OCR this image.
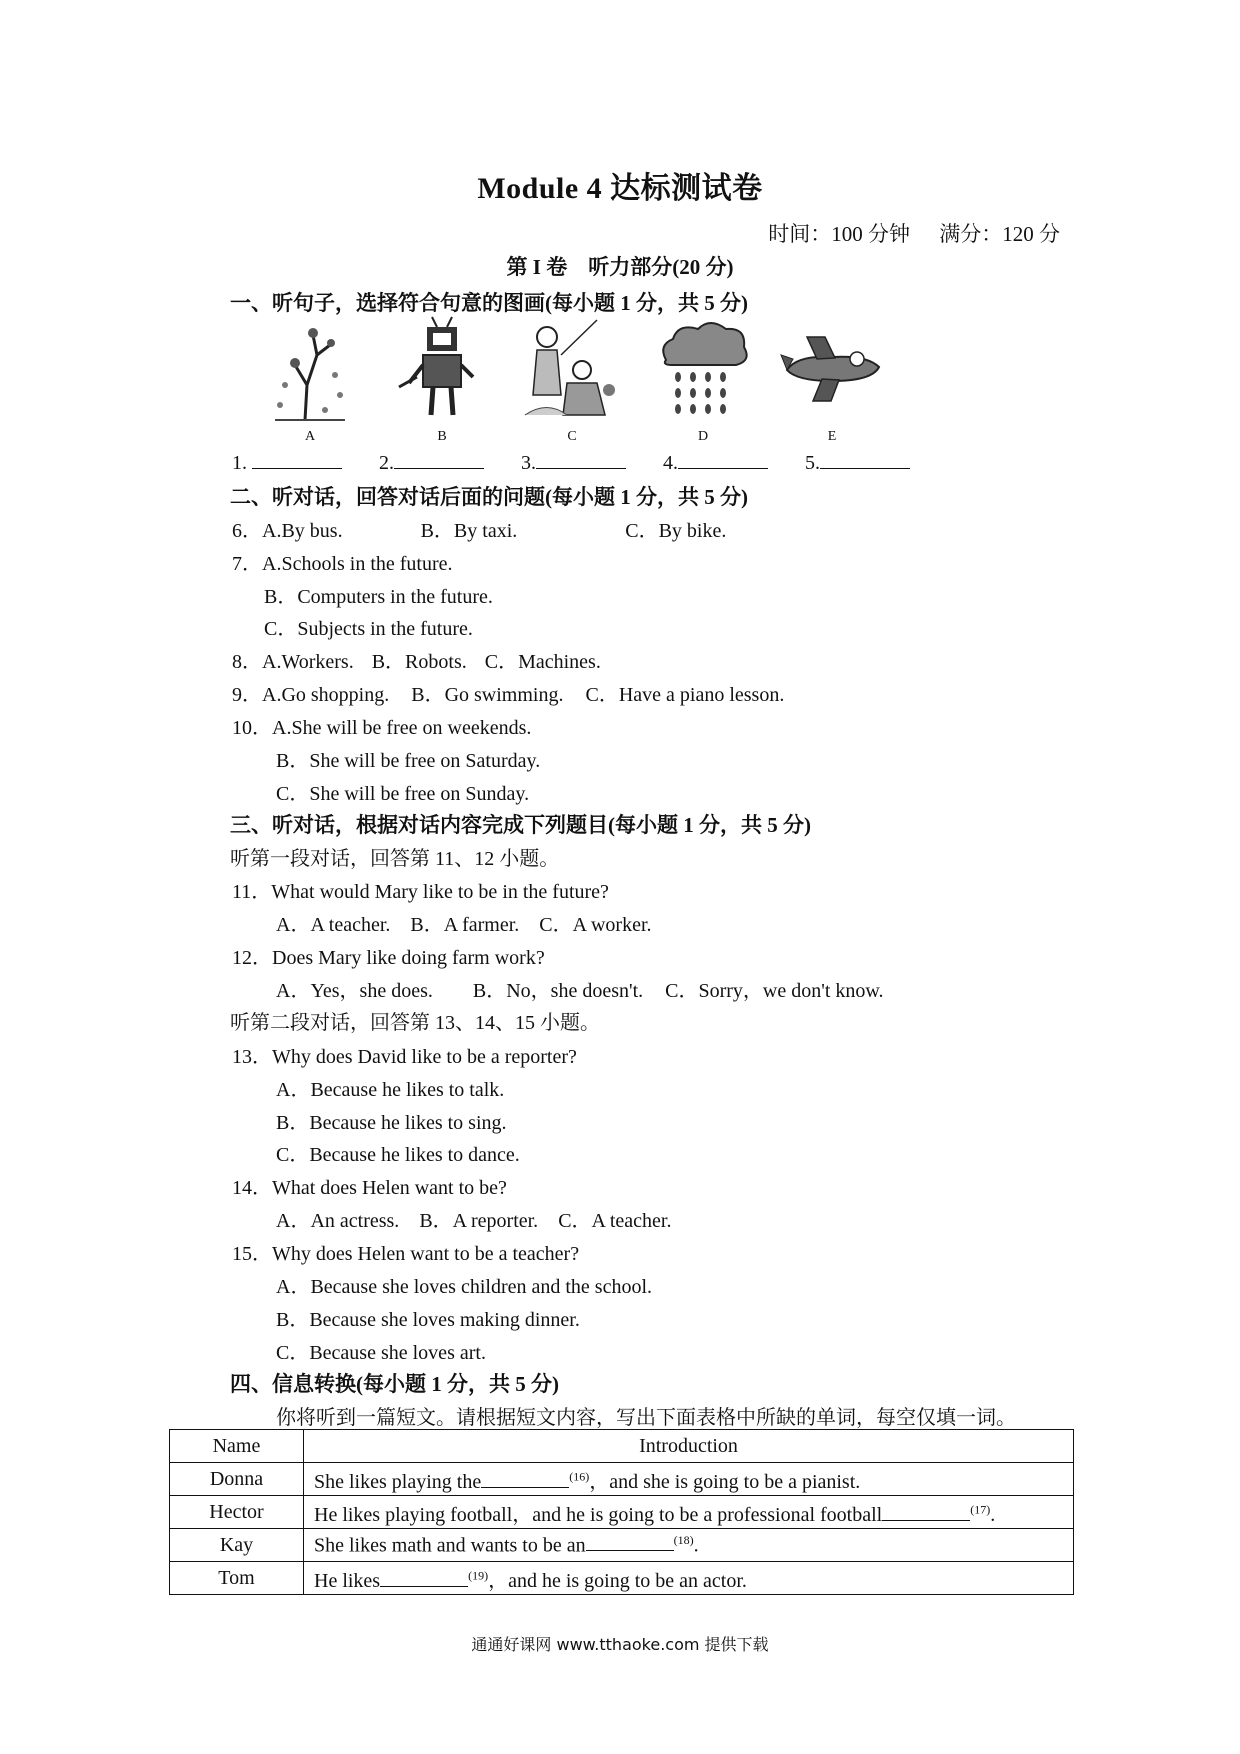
Module 4 达标测试卷
时间：100 分钟 满分：120 分
第 I 卷　听力部分(20 分)
一、听句子，选择符合句意的图画(每小题 1 分，共 5 分)
A	B	C	D	E
1.	2.	3.	4.	5.
二、听对话，回答对话后面的问题(每小题 1 分，共 5 分)
6．A.By bus.	B．By taxi.	C．By bike.
7．A.Schools in the future.
B．Computers in the future.
C．Subjects in the future.
8．A.Workers. B．Robots. C．Machines.
9．A.Go shopping. B．Go swimming. C．Have a piano lesson.
10．A.She will be free on weekends.
B．She will be free on Saturday.
C．She will be free on Sunday.
三、听对话，根据对话内容完成下列题目(每小题 1 分，共 5 分)
听第一段对话，回答第 11、12 小题。
11．What would Mary like to be in the future?
A．A teacher. B．A farmer. C．A worker.
12．Does Mary like doing farm work?
A．Yes，she does. B．No，she doesn't. C．Sorry，we don't know.
听第二段对话，回答第 13、14、15 小题。
13．Why does David like to be a reporter?
A．Because he likes to talk.
B．Because he likes to sing.
C．Because he likes to dance.
14．What does Helen want to be?
A．An actress. B．A reporter. C．A teacher.
15．Why does Helen want to be a teacher?
A．Because she loves children and the school.
B．Because she loves making dinner.
C．Because she loves art.
四、信息转换(每小题 1 分，共 5 分)
你将听到一篇短文。请根据短文内容，写出下面表格中所缺的单词，每空仅填一词。
Name	Introduction
Donna	She likes playing the $^{(16)}$，and she is going to be a pianist.
Hector	He likes playing football，and he is going to be a professional football $^{(17)}$.
Kay	She likes math and wants to be an $^{(18)}$.
Tom	He likes $^{(19)}$，and he is going to be an actor.
通通好课网 www.tthaoke.com 提供下载
